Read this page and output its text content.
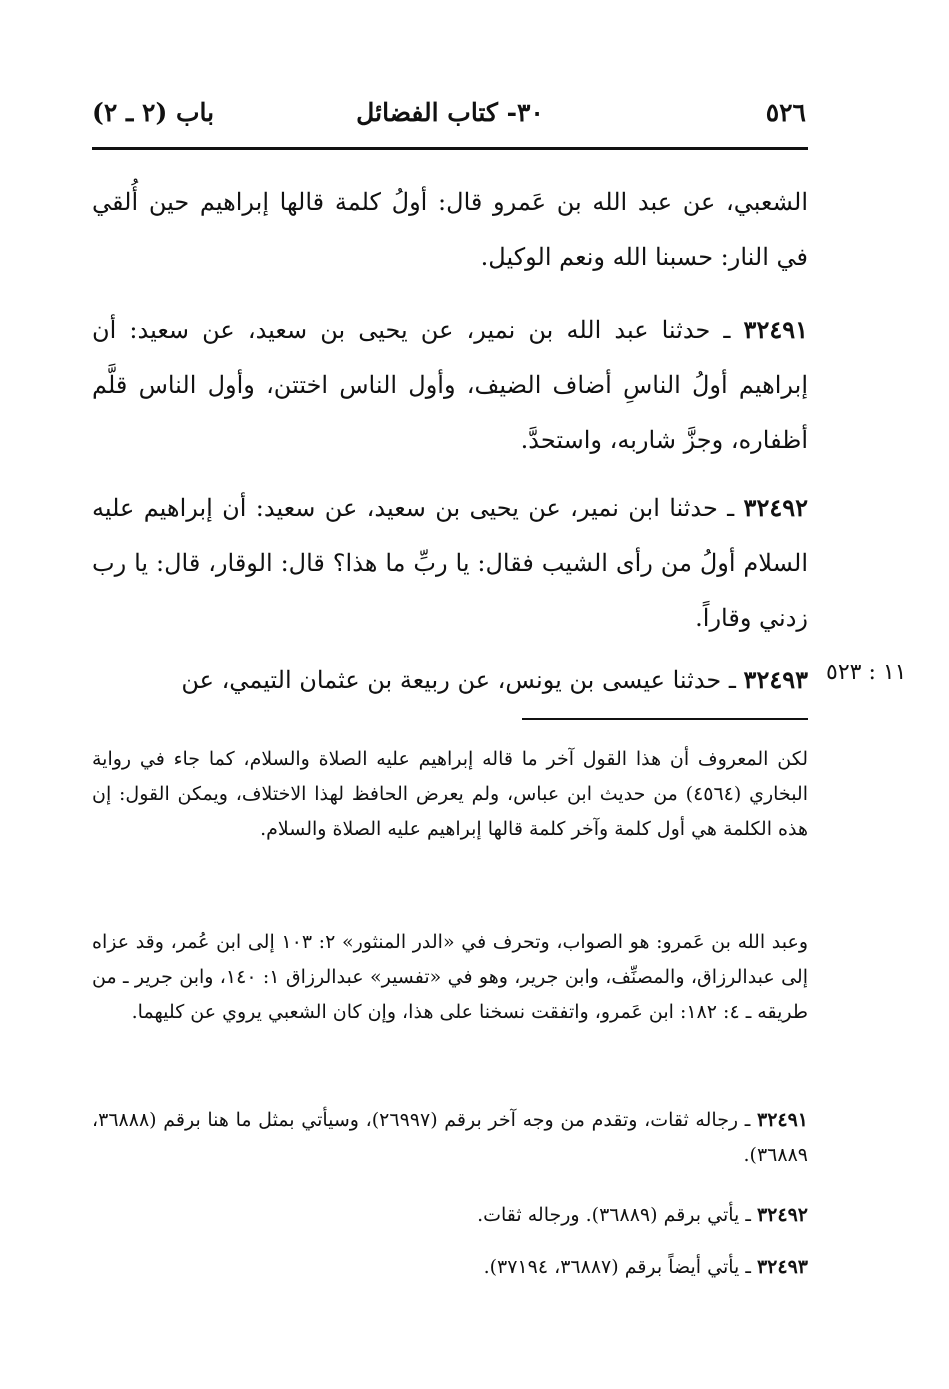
٥٢٦
٣٠- كتاب الفضائل
باب (٢ ـ ٢)

الشعبي، عن عبد الله بن عَمرو قال: أولُ كلمة قالها إبراهيم حين أُلقي في النار: حسبنا الله ونعم الوكيل.

٣٢٤٩١ ـ حدثنا عبد الله بن نمير، عن يحيى بن سعيد، عن سعيد: أن إبراهيم أولُ الناسِ أضاف الضيف، وأول الناس اختتن، وأول الناس قلَّم أظفاره، وجزَّ شاربه، واستحدَّ.

٣٢٤٩٢ ـ حدثنا ابن نمير، عن يحيى بن سعيد، عن سعيد: أن إبراهيم عليه السلام أولُ من رأى الشيب فقال: يا ربِّ ما هذا؟ قال: الوقار، قال: يا رب زدني وقاراً.

٣٢٤٩٣ ـ حدثنا عيسى بن يونس، عن ربيعة بن عثمان التيمي، عن	١١ : ٥٢٣

لكن المعروف أن هذا القول آخر ما قاله إبراهيم عليه الصلاة والسلام، كما جاء في رواية البخاري (٤٥٦٤) من حديث ابن عباس، ولم يعرض الحافظ لهذا الاختلاف، ويمكن القول: إن هذه الكلمة هي أول كلمة وآخر كلمة قالها إبراهيم عليه الصلاة والسلام.

وعبد الله بن عَمرو: هو الصواب، وتحرف في «الدر المنثور» ٢: ١٠٣ إلى ابن عُمر، وقد عزاه إلى عبدالرزاق، والمصنِّف، وابن جرير، وهو في «تفسير» عبدالرزاق ١: ١٤٠، وابن جرير ـ من طريقه ـ ٤: ١٨٢: ابن عَمرو، واتفقت نسخنا على هذا، وإن كان الشعبي يروي عن كليهما.

٣٢٤٩١ ـ رجاله ثقات، وتقدم من وجه آخر برقم (٢٦٩٩٧)، وسيأتي بمثل ما هنا برقم (٣٦٨٨٨، ٣٦٨٨٩).

٣٢٤٩٢ ـ يأتي برقم (٣٦٨٨٩). ورجاله ثقات.

٣٢٤٩٣ ـ يأتي أيضاً برقم (٣٦٨٨٧، ٣٧١٩٤).
